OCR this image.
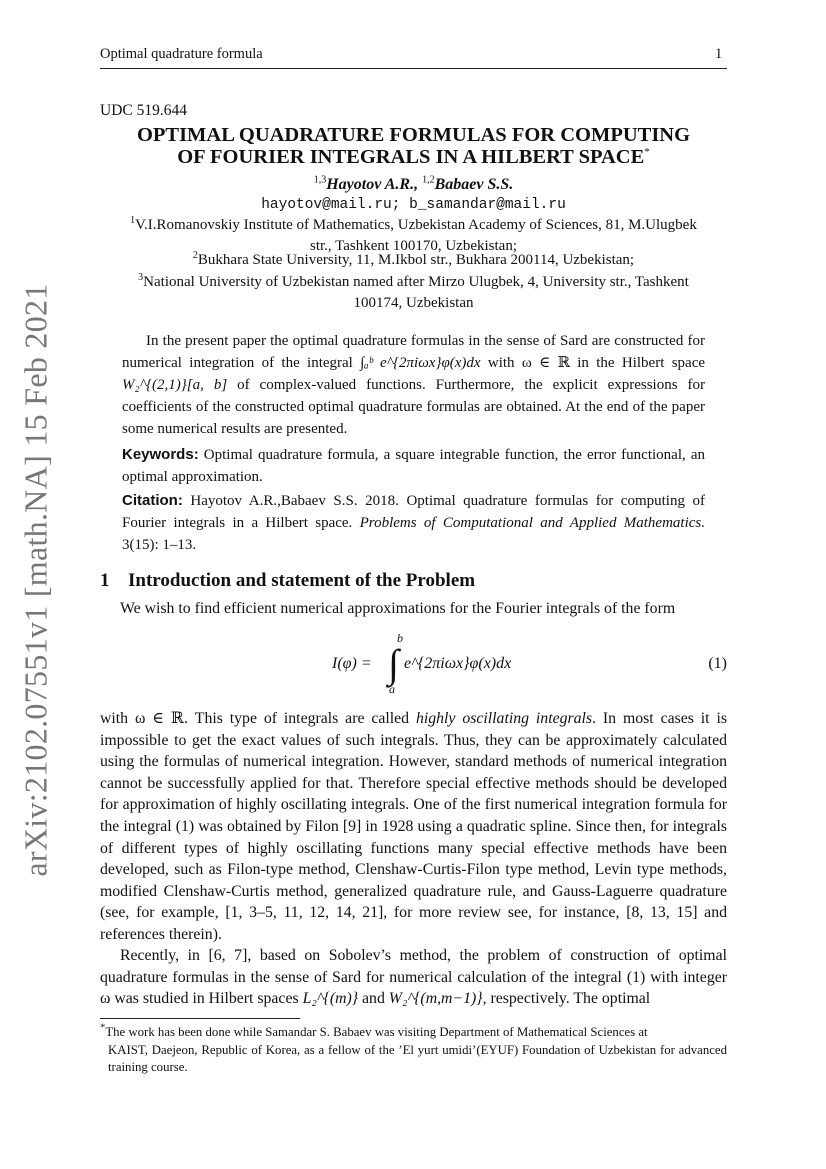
Optimal quadrature formula	1
arXiv:2102.07551v1 [math.NA] 15 Feb 2021
UDC 519.644
OPTIMAL QUADRATURE FORMULAS FOR COMPUTING
OF FOURIER INTEGRALS IN A HILBERT SPACE*
$^{1,3}$Hayotov A.R., $^{1,2}$Babaev S.S.
hayotov@mail.ru; b_samandar@mail.ru
$^1$V.I.Romanovskiy Institute of Mathematics, Uzbekistan Academy of Sciences, 81, M.Ulugbek
str., Tashkent 100170, Uzbekistan;
$^2$Bukhara State University, 11, M.Ikbol str., Bukhara 200114, Uzbekistan;
$^3$National University of Uzbekistan named after Mirzo Ulugbek, 4, University str., Tashkent
100174, Uzbekistan

In the present paper the optimal quadrature formulas in the sense of Sard are constructed for numerical integration of the integral ∫ₐᵇ e^{2πiωx}φ(x)dx with ω ∈ ℝ in the Hilbert space W₂^{(2,1)}[a, b] of complex-valued functions. Furthermore, the explicit expressions for coefficients of the constructed optimal quadrature formulas are obtained. At the end of the paper some numerical results are presented.

Keywords: Optimal quadrature formula, a square integrable function, the error functional, an optimal approximation.

Citation: Hayotov A.R.,Babaev S.S. 2018. Optimal quadrature formulas for computing of Fourier integrals in a Hilbert space. Problems of Computational and Applied Mathematics. 3(15): 1–13.

1 Introduction and statement of the Problem

We wish to find efficient numerical approximations for the Fourier integrals of the form

I(φ) =
b
∫
a
e^{2πiωx}φ(x)dx	(1)

with ω ∈ ℝ. This type of integrals are called highly oscillating integrals. In most cases it is impossible to get the exact values of such integrals. Thus, they can be approximately calculated using the formulas of numerical integration. However, standard methods of numerical integration cannot be successfully applied for that. Therefore special effective methods should be developed for approximation of highly oscillating integrals. One of the first numerical integration formula for the integral (1) was obtained by Filon [9] in 1928 using a quadratic spline. Since then, for integrals of different types of highly oscillating functions many special effective methods have been developed, such as Filon-type method, Clenshaw-Curtis-Filon type method, Levin type methods, modified Clenshaw-Curtis method, generalized quadrature rule, and Gauss-Laguerre quadrature (see, for example, [1, 3–5, 11, 12, 14, 21], for more review see, for instance, [8, 13, 15] and references therein).

Recently, in [6, 7], based on Sobolev’s method, the problem of construction of optimal quadrature formulas in the sense of Sard for numerical calculation of the integral (1) with integer ω was studied in Hilbert spaces L₂^{(m)} and W₂^{(m,m−1)}, respectively. The optimal

*The work has been done while Samandar S. Babaev was visiting Department of Mathematical Sciences at
KAIST, Daejeon, Republic of Korea, as a fellow of the ’El yurt umidi’(EYUF) Foundation of Uzbekistan for advanced training course.
